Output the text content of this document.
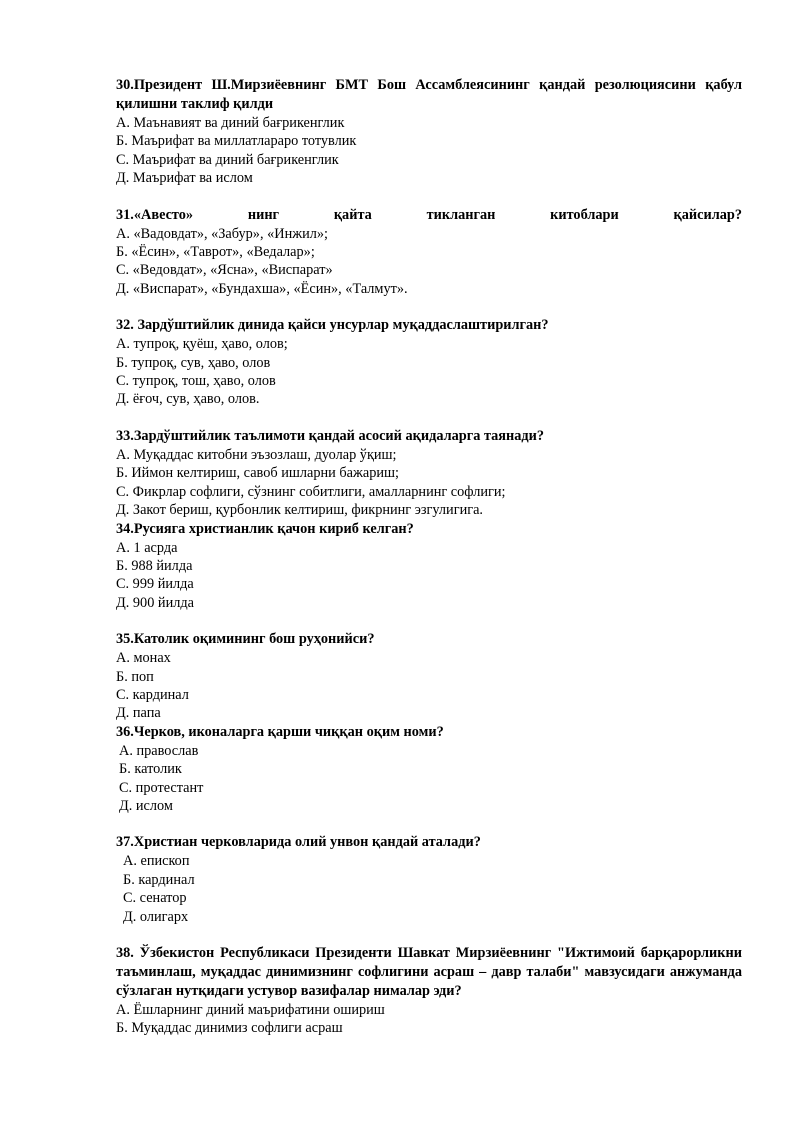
30.Президент Ш.Мирзиёевнинг БМТ Бош Ассамблеясининг қандай резолюциясини қабул қилишни таклиф қилди

А. Маънавият ва диний бағрикенглик

Б. Маърифат ва миллатлараро тотувлик

С. Маърифат ва диний бағрикенглик

Д. Маърифат ва ислом

31.«Авесто» нинг қайта тикланган китоблари қайсилар?

А. «Вадовдат», «Забур», «Инжил»;

Б. «Ёсин», «Таврот», «Ведалар»;

С. «Ведовдат», «Ясна», «Виспарат»

Д. «Виспарат», «Бундахша», «Ёсин», «Талмут».

32. Зардўштийлик динида қайси унсурлар муқаддаслаштирилган?

А. тупроқ, қуёш, ҳаво, олов;

Б. тупроқ, сув, ҳаво, олов

С. тупроқ, тош, ҳаво, олов

Д. ёғоч, сув, ҳаво, олов.

33.Зардўштийлик таълимоти қандай асосий ақидаларга таянади?

А. Муқаддас китобни эъзозлаш, дуолар ўқиш;

Б. Иймон келтириш, савоб ишларни бажариш;

С. Фикрлар софлиги, сўзнинг собитлиги, амалларнинг софлиги;

Д. Закот бериш, қурбонлик келтириш, фикрнинг эзгулигига.

34.Русияга христианлик қачон кириб келган?

А. 1 асрда

Б. 988 йилда

С. 999 йилда

Д. 900 йилда

35.Католик оқимининг бош руҳонийси?

А. монах

Б. поп

С. кардинал

Д. папа

36.Черков, иконаларга қарши чиққан оқим номи?

А. православ

Б. католик

С. протестант

Д. ислом

37.Христиан черковларида олий унвон қандай аталади?

А. епископ

Б. кардинал

С. сенатор

Д. олигарх

38. Ўзбекистон Республикаси Президенти Шавкат Мирзиёевнинг "Ижтимоий барқарорликни таъминлаш, муқаддас динимизнинг софлигини асраш – давр талаби" мавзусидаги анжуманда сўзлаган нутқидаги устувор вазифалар нималар эди?

А. Ёшларнинг диний маърифатини ошириш

Б. Муқаддас динимиз софлиги асраш
